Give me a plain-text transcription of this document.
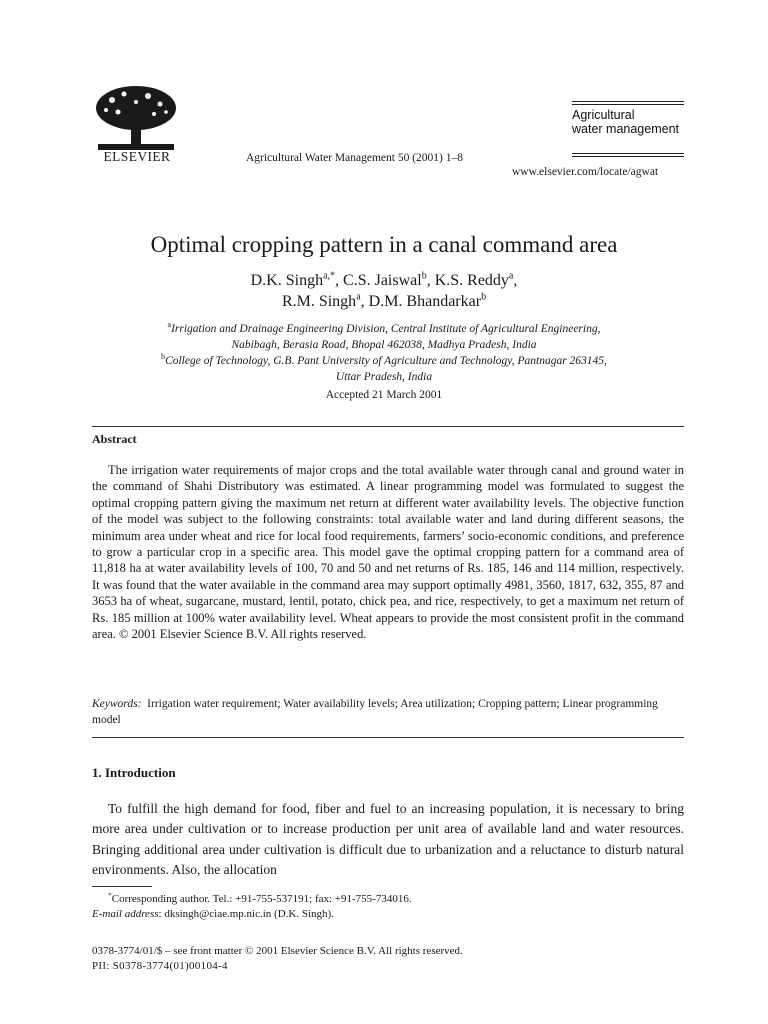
ELSEVIER	Agricultural Water Management 50 (2001) 1–8
Agricultural
water management
www.elsevier.com/locate/agwat
Optimal cropping pattern in a canal command area
D.K. Singh$^{a,*}$, C.S. Jaiswal$^b$, K.S. Reddy$^a$,
R.M. Singh$^a$, D.M. Bhandarkar$^b$
$^a$Irrigation and Drainage Engineering Division, Central Institute of Agricultural Engineering,
Nabibagh, Berasia Road, Bhopal 462038, Madhya Pradesh, India
$^b$College of Technology, G.B. Pant University of Agriculture and Technology, Pantnagar 263145,
Uttar Pradesh, India
Accepted 21 March 2001
Abstract
The irrigation water requirements of major crops and the total available water through canal and ground water in the command of Shahi Distributory was estimated. A linear programming model was formulated to suggest the optimal cropping pattern giving the maximum net return at different water availability levels. The objective function of the model was subject to the following constraints: total available water and land during different seasons, the minimum area under wheat and rice for local food requirements, farmers’ socio-economic conditions, and preference to grow a particular crop in a specific area. This model gave the optimal cropping pattern for a command area of 11,818 ha at water availability levels of 100, 70 and 50 and net returns of Rs. 185, 146 and 114 million, respectively. It was found that the water available in the command area may support optimally 4981, 3560, 1817, 632, 355, 87 and 3653 ha of wheat, sugarcane, mustard, lentil, potato, chick pea, and rice, respectively, to get a maximum net return of Rs. 185 million at 100% water availability level. Wheat appears to provide the most consistent profit in the command area. © 2001 Elsevier Science B.V. All rights reserved.
Keywords: Irrigation water requirement; Water availability levels; Area utilization; Cropping pattern; Linear programming model
1. Introduction
To fulfill the high demand for food, fiber and fuel to an increasing population, it is necessary to bring more area under cultivation or to increase production per unit area of available land and water resources. Bringing additional area under cultivation is difficult due to urbanization and a reluctance to disturb natural environments. Also, the allocation
*Corresponding author. Tel.: +91-755-537191; fax: +91-755-734016.
E-mail address: dksingh@ciae.mp.nic.in (D.K. Singh).
0378-3774/01/$ – see front matter © 2001 Elsevier Science B.V. All rights reserved.
PII: S0378-3774(01)00104-4
